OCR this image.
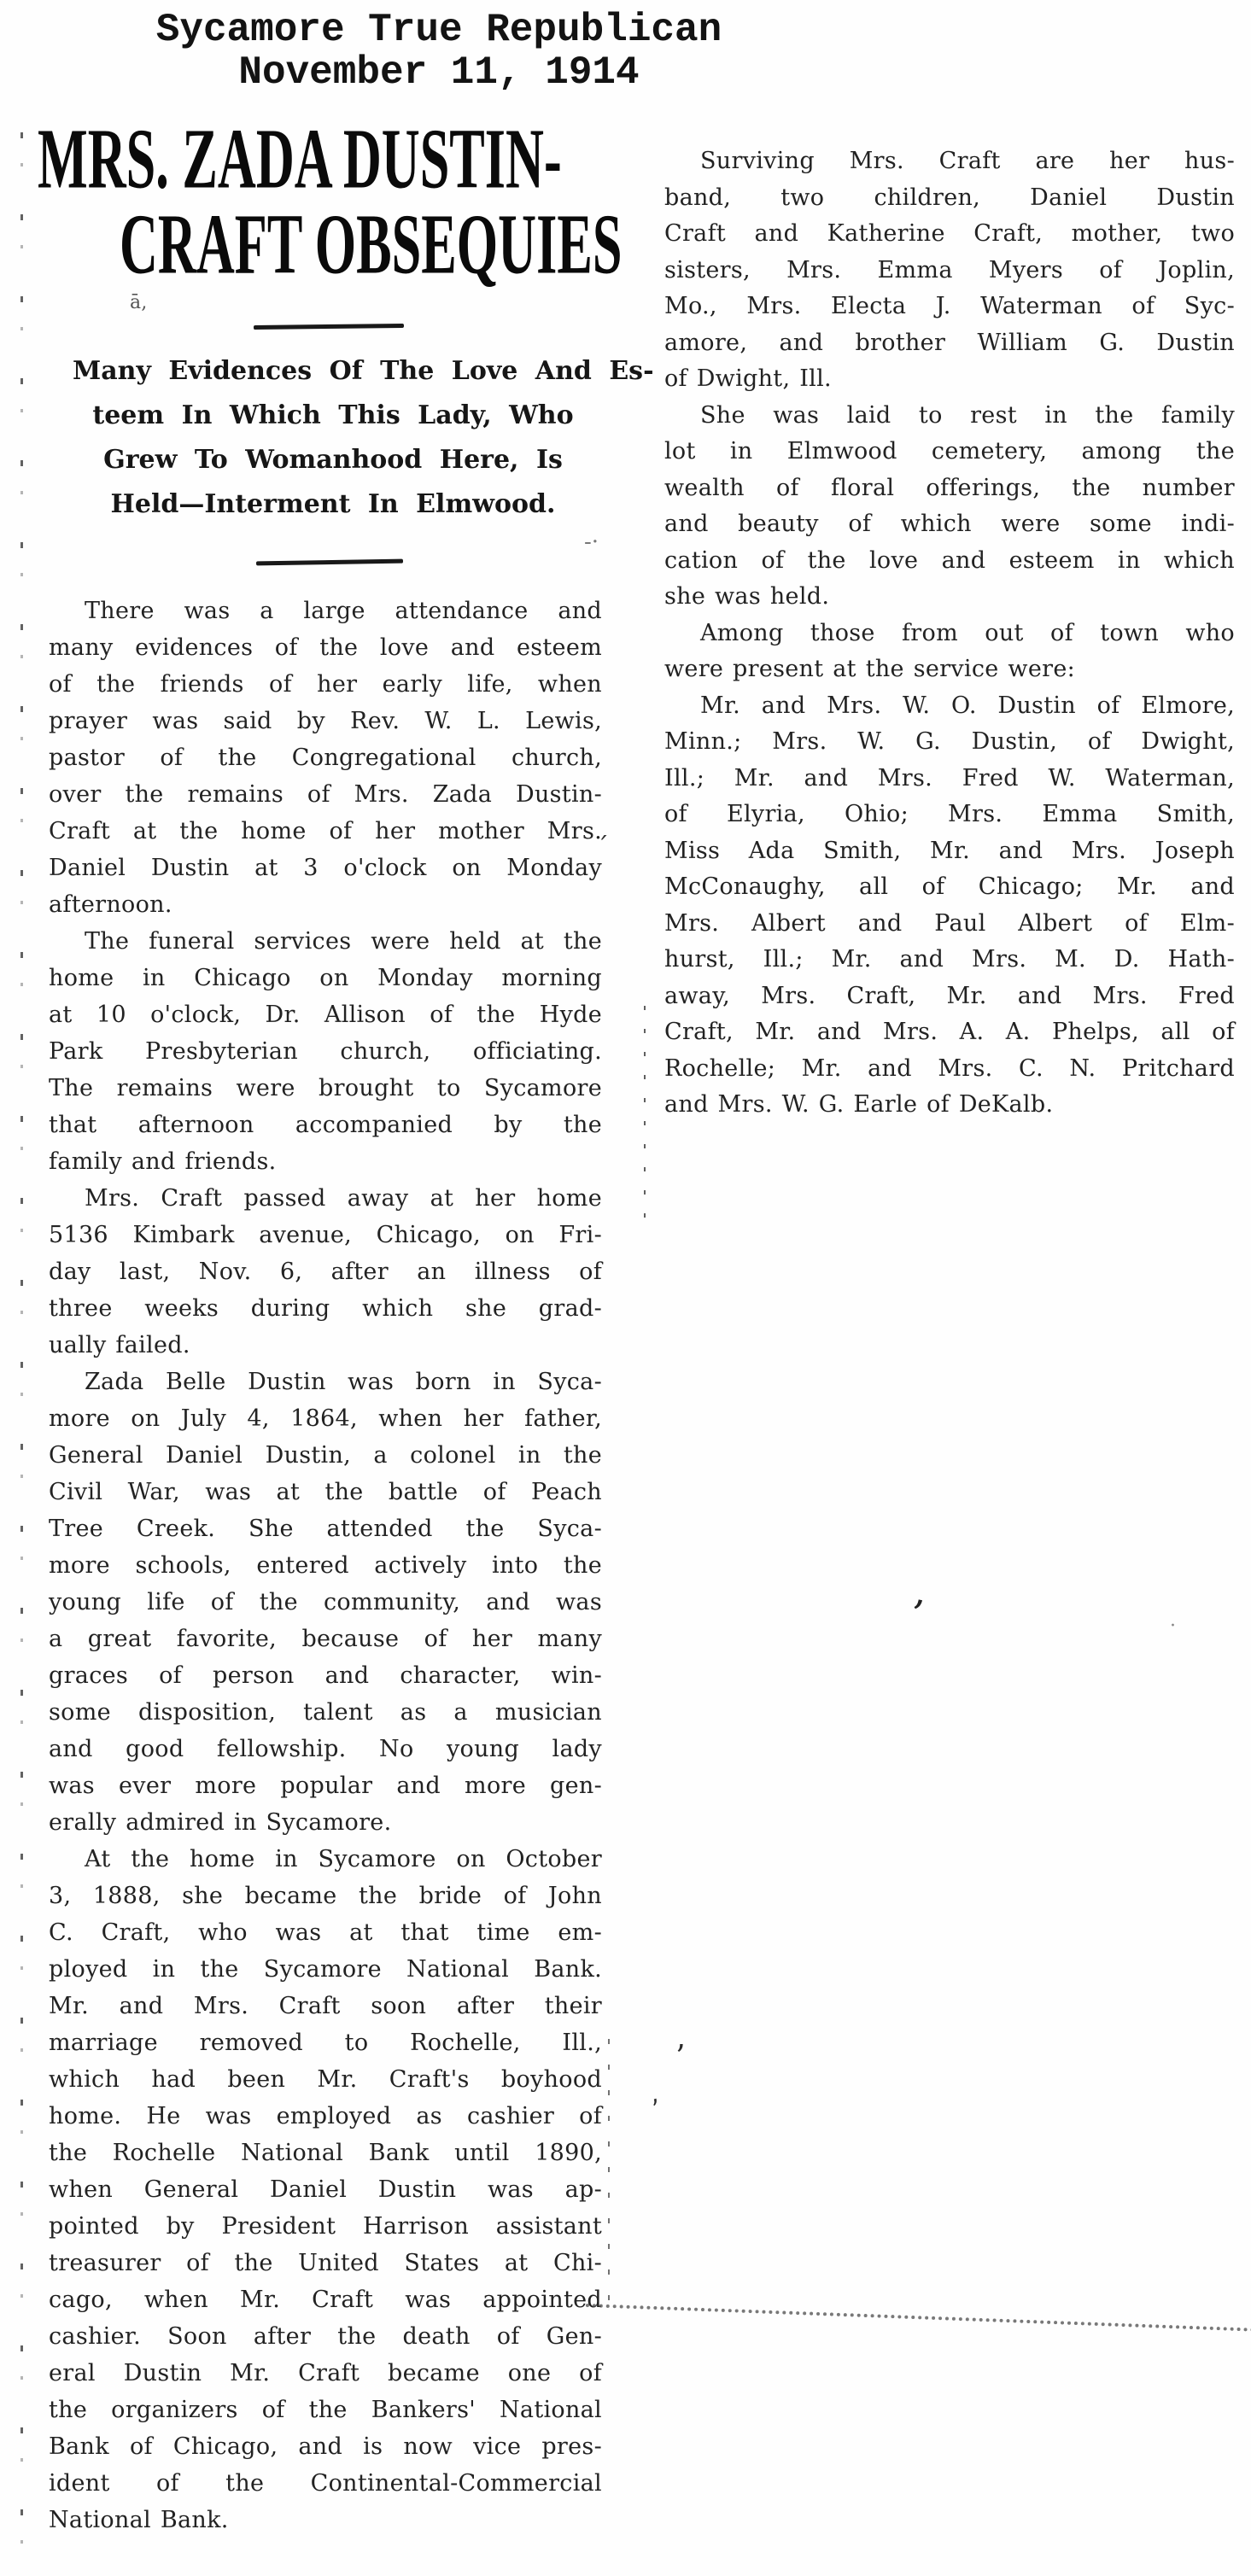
Sycamore True Republican
November 11, 1914
MRS. ZADA DUSTIN-
CRAFT OBSEQUIES
ā‚
Many Evidences Of The Love And Es-
teem In Which This Lady, Who
Grew To Womanhood Here, Is
Held—Interment In Elmwood.
-·

There was a large attendance and
many evidences of the love and esteem
of the friends of her early life, when
prayer was said by Rev. W. L. Lewis,
pastor of the Congregational church,
over the remains of Mrs. Zada Dustin-
Craft at the home of her mother Mrs.
Daniel Dustin at 3 o'clock on Monday
afternoon.

The funeral services were held at the
home in Chicago on Monday morning
at 10 o'clock, Dr. Allison of the Hyde
Park Presbyterian church, officiating.
The remains were brought to Sycamore
that afternoon accompanied by the
family and friends.

Mrs. Craft passed away at her home
5136 Kimbark avenue, Chicago, on Fri-
day last, Nov. 6, after an illness of
three weeks during which she grad-
ually failed.

Zada Belle Dustin was born in Syca-
more on July 4, 1864, when her father,
General Daniel Dustin, a colonel in the
Civil War, was at the battle of Peach
Tree Creek. She attended the Syca-
more schools, entered actively into the
young life of the community, and was
a great favorite, because of her many
graces of person and character, win-
some disposition, talent as a musician
and good fellowship. No young lady
was ever more popular and more gen-
erally admired in Sycamore.

At the home in Sycamore on October
3, 1888, she became the bride of John
C. Craft, who was at that time em-
ployed in the Sycamore National Bank.
Mr. and Mrs. Craft soon after their
marriage removed to Rochelle, Ill.,
which had been Mr. Craft's boyhood
home. He was employed as cashier of
the Rochelle National Bank until 1890,
when General Daniel Dustin was ap-
pointed by President Harrison assistant
treasurer of the United States at Chi-
cago, when Mr. Craft was appointed
cashier. Soon after the death of Gen-
eral Dustin Mr. Craft became one of
the organizers of the Bankers' National
Bank of Chicago, and is now vice pres-
ident of the Continental-Commercial
National Bank.

Surviving Mrs. Craft are her hus-
band, two children, Daniel Dustin
Craft and Katherine Craft, mother, two
sisters, Mrs. Emma Myers of Joplin,
Mo., Mrs. Electa J. Waterman of Syc-
amore, and brother William G. Dustin
of Dwight, Ill.

She was laid to rest in the family
lot in Elmwood cemetery, among the
wealth of floral offerings, the number
and beauty of which were some indi-
cation of the love and esteem in which
she was held.

Among those from out of town who
were present at the service were:

Mr. and Mrs. W. O. Dustin of Elmore,
Minn.; Mrs. W. G. Dustin, of Dwight,
Ill.; Mr. and Mrs. Fred W. Waterman,
of Elyria, Ohio; Mrs. Emma Smith,
Miss Ada Smith, Mr. and Mrs. Joseph
McConaughy, all of Chicago; Mr. and
Mrs. Albert and Paul Albert of Elm-
hurst, Ill.; Mr. and Mrs. M. D. Hath-
away, Mrs. Craft, Mr. and Mrs. Fred
Craft, Mr. and Mrs. A. A. Phelps, all of
Rochelle; Mr. and Mrs. C. N. Pritchard
and Mrs. W. G. Earle of DeKalb.

ˊ
ʼ	·
ʼ
‚
